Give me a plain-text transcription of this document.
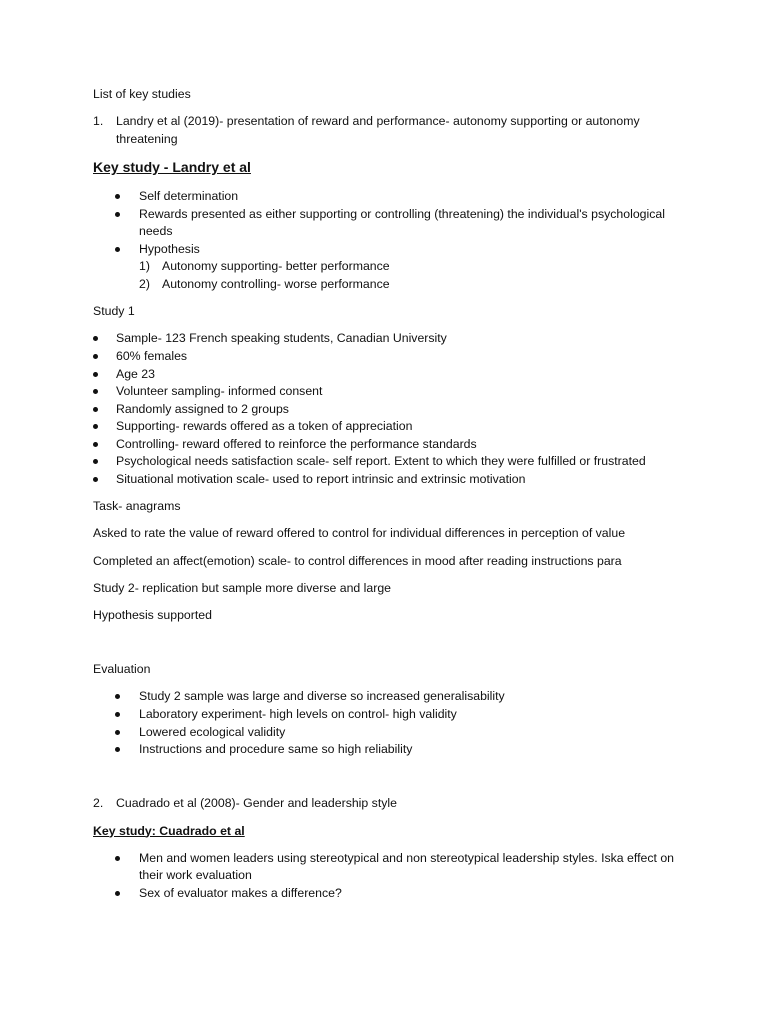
List of key studies

1. Landry et al (2019)- presentation of reward and performance- autonomy supporting or autonomy threatening

Key study - Landry et al

Self determination
Rewards presented as either supporting or controlling (threatening) the individual's psychological needs
Hypothesis
1) Autonomy supporting- better performance
2) Autonomy controlling- worse performance

Study 1

Sample- 123 French speaking students, Canadian University
60% females
Age 23
Volunteer sampling- informed consent
Randomly assigned to 2 groups
Supporting- rewards offered as a token of appreciation
Controlling- reward offered to reinforce the performance standards
Psychological needs satisfaction scale- self report. Extent to which they were fulfilled or frustrated
Situational motivation scale- used to report intrinsic and extrinsic motivation

Task- anagrams

Asked to rate the value of reward offered to control for individual differences in perception of value

Completed an affect(emotion) scale- to control differences in mood after reading instructions para

Study 2- replication but sample more diverse and large

Hypothesis supported

Evaluation

Study 2 sample was large and diverse so increased generalisability
Laboratory experiment- high levels on control- high validity
Lowered ecological validity
Instructions and procedure same so high reliability
2. Cuadrado et al (2008)- Gender and leadership style

Key study: Cuadrado et al

Men and women leaders using stereotypical and non stereotypical leadership styles. Iska effect on their work evaluation
Sex of evaluator makes a difference?
